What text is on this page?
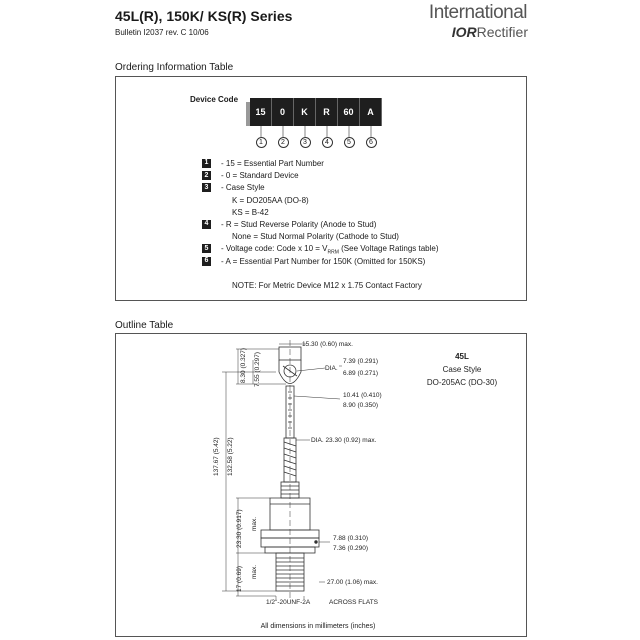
45L(R), 150K/ KS(R) Series
Bulletin I2037 rev. C 10/06
International
IORRectifier
Ordering Information Table
Device Code
15	0	K	R	60	A
1	2	3	4	5	6
1	- 15 = Essential Part Number
2	- 0 = Standard Device
3	- Case Style
K = DO205AA (DO-8)
KS = B-42
4	- R = Stud Reverse Polarity (Anode to Stud)
None = Stud Normal Polarity (Cathode to Stud)
5	- Voltage code: Code x $10 = V_{RRM}$ (See Voltage Ratings table)
6	- A = Essential Part Number for 150K (Omitted for 150KS)
NOTE: For Metric Device M12 x 1.75 Contact Factory
Outline Table
15.30 (0.60) max.
DIA.
7.39 (0.291)
6.89 (0.271)
10.41 (0.410)
8.90 (0.350)
DIA. 23.30 (0.92) max.
7.88 (0.310)
7.36 (0.290)
27.00 (1.06) max.
ACROSS FLATS
1/2"-20UNF-2A
8.30 (0.327) 7.55 (0.297)
137.67 (5.42) 132.58 (5.22)
23.30 (0.917) max.
17 (0.69) max.
45L
Case Style
DO-205AC (DO-30)
All dimensions in millimeters (inches)
